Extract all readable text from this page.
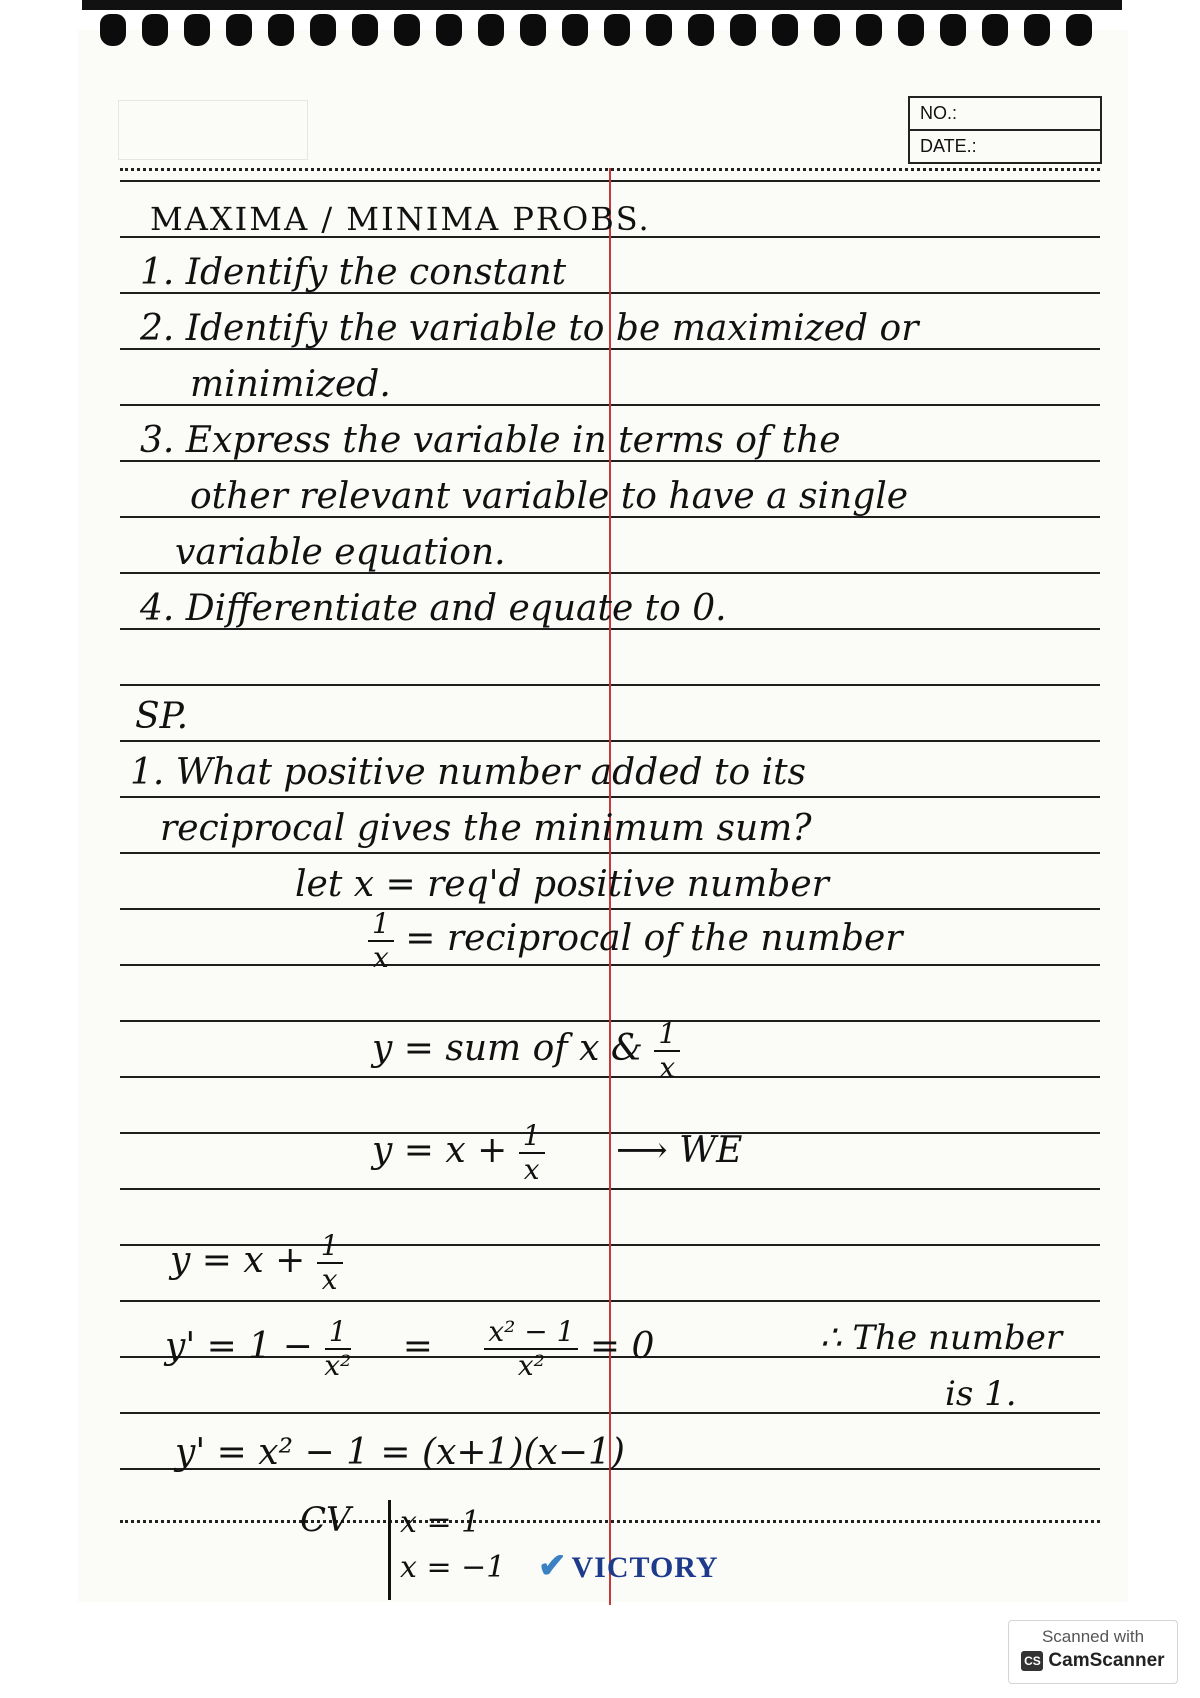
NO.:
DATE.:
MAXIMA / MINIMA PROBS.
1. Identify the constant
2. Identify the variable to be maximized or
minimized.
3. Express the variable in terms of the
other relevant variable to have a single
variable equation.
4. Differentiate and equate to 0.
SP.
1. What positive number added to its
reciprocal gives the minimum sum?
let x = req'd positive number
$\frac{1}{x}$ = reciprocal of the number
y = sum of x & $\frac{1}{x}$
$y = x + \frac{1}{x}$ ⟶ WE
$y = x + \frac{1}{x}$
$y' = 1 - \frac{1}{\text{x²}} = \frac{\text{x² − 1}}{\text{x²}} = 0$	∴ The number
is 1.
y' = x² − 1 = (x+1)(x−1)
CV x = 1
x = −1 ✔ VICTORY
Scanned with
CS CamScanner
